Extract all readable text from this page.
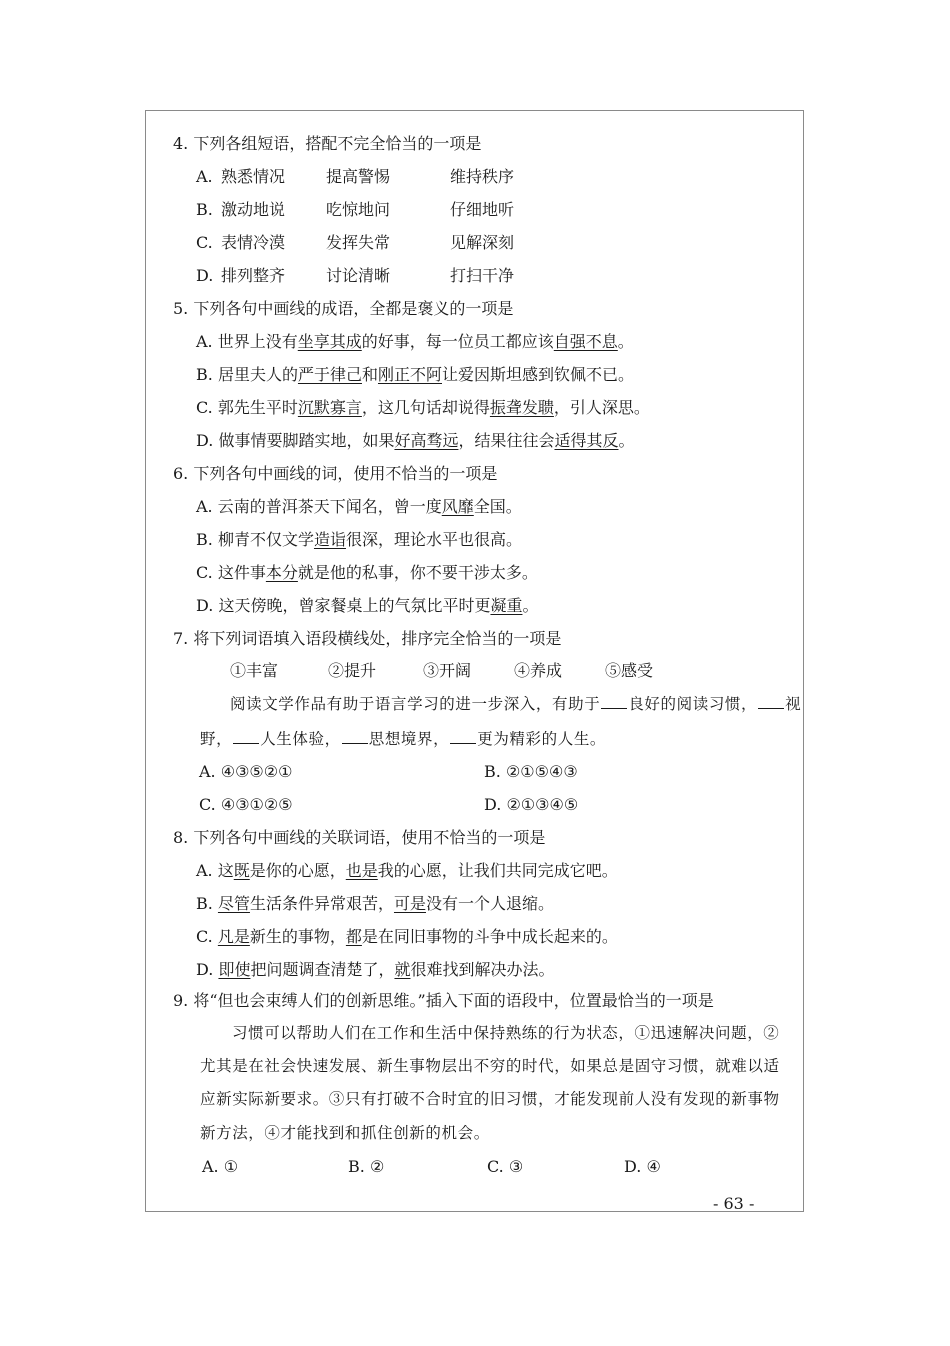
4. 下列各组短语，搭配不完全恰当的一项是
A. 熟悉情况	提高警惕	维持秩序
B. 激动地说	吃惊地问	仔细地听
C. 表情冷漠	发挥失常	见解深刻
D. 排列整齐	讨论清晰	打扫干净
5. 下列各句中画线的成语，全都是褒义的一项是
A. 世界上没有坐享其成的好事，每一位员工都应该自强不息。
B. 居里夫人的严于律己和刚正不阿让爱因斯坦感到钦佩不已。
C. 郭先生平时沉默寡言，这几句话却说得振聋发聩，引人深思。
D. 做事情要脚踏实地，如果好高骛远，结果往往会适得其反。
6. 下列各句中画线的词，使用不恰当的一项是
A. 云南的普洱茶天下闻名，曾一度风靡全国。
B. 柳青不仅文学造诣很深，理论水平也很高。
C. 这件事本分就是他的私事，你不要干涉太多。
D. 这天傍晚，曾家餐桌上的气氛比平时更凝重。
7. 将下列词语填入语段横线处，排序完全恰当的一项是
①丰富	②提升	③开阔	④养成	⑤感受
阅读文学作品有助于语言学习的进一步深入，有助于 良好的阅读习惯， 视
野， 人生体验， 思想境界， 更为精彩的人生。
A. ④③⑤②①	B. ②①⑤④③
C. ④③①②⑤	D. ②①③④⑤
8. 下列各句中画线的关联词语，使用不恰当的一项是
A. 这既是你的心愿，也是我的心愿，让我们共同完成它吧。
B. 尽管生活条件异常艰苦，可是没有一个人退缩。
C. 凡是新生的事物，都是在同旧事物的斗争中成长起来的。
D. 即使把问题调查清楚了，就很难找到解决办法。
9. 将“但也会束缚人们的创新思维。”插入下面的语段中，位置最恰当的一项是
习惯可以帮助人们在工作和生活中保持熟练的行为状态，①迅速解决问题，②
尤其是在社会快速发展、新生事物层出不穷的时代，如果总是固守习惯，就难以适
应新实际新要求。③只有打破不合时宜的旧习惯，才能发现前人没有发现的新事物
新方法，④才能找到和抓住创新的机会。
A. ①	B. ②	C. ③	D. ④
- 63 -
